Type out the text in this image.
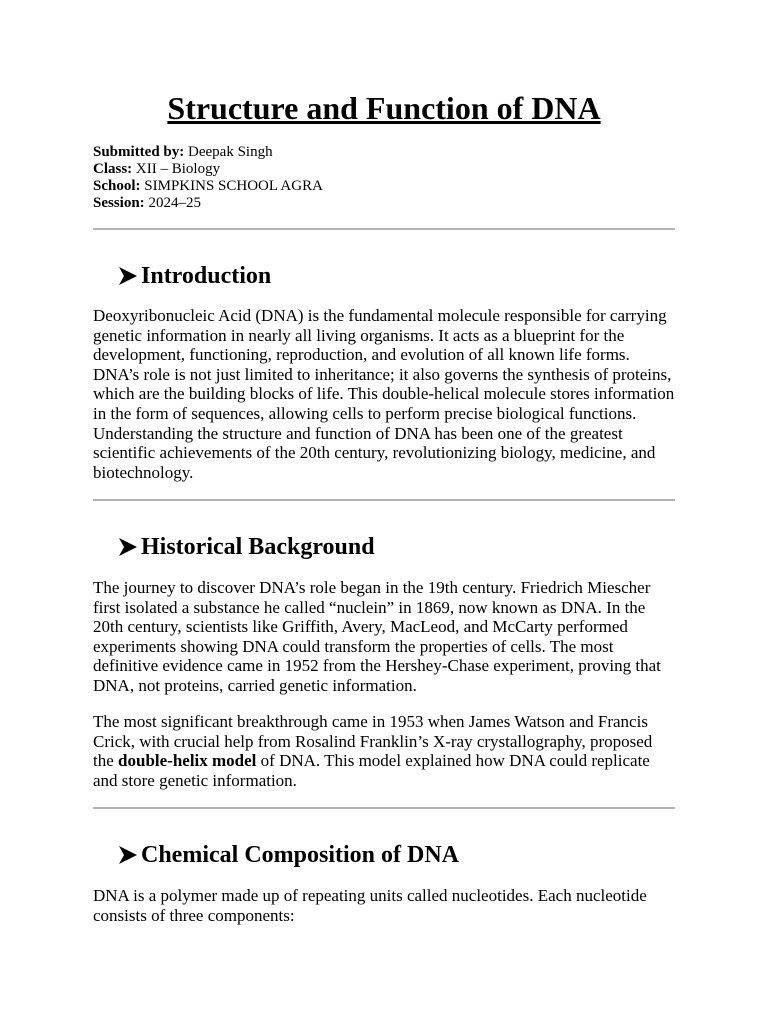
Structure and Function of DNA
Submitted by: Deepak Singh
Class: XII – Biology
School: SIMPKINS SCHOOL AGRA
Session: 2024–25
Introduction

Deoxyribonucleic Acid (DNA) is the fundamental molecule responsible for carrying genetic information in nearly all living organisms. It acts as a blueprint for the development, functioning, reproduction, and evolution of all known life forms. DNA’s role is not just limited to inheritance; it also governs the synthesis of proteins, which are the building blocks of life. This double-helical molecule stores information in the form of sequences, allowing cells to perform precise biological functions. Understanding the structure and function of DNA has been one of the greatest scientific achievements of the 20th century, revolutionizing biology, medicine, and biotechnology.

Historical Background

The journey to discover DNA’s role began in the 19th century. Friedrich Miescher first isolated a substance he called “nuclein” in 1869, now known as DNA. In the 20th century, scientists like Griffith, Avery, MacLeod, and McCarty performed experiments showing DNA could transform the properties of cells. The most definitive evidence came in 1952 from the Hershey-Chase experiment, proving that DNA, not proteins, carried genetic information.

The most significant breakthrough came in 1953 when James Watson and Francis Crick, with crucial help from Rosalind Franklin’s X-ray crystallography, proposed the double-helix model of DNA. This model explained how DNA could replicate and store genetic information.

Chemical Composition of DNA

DNA is a polymer made up of repeating units called nucleotides. Each nucleotide consists of three components:
